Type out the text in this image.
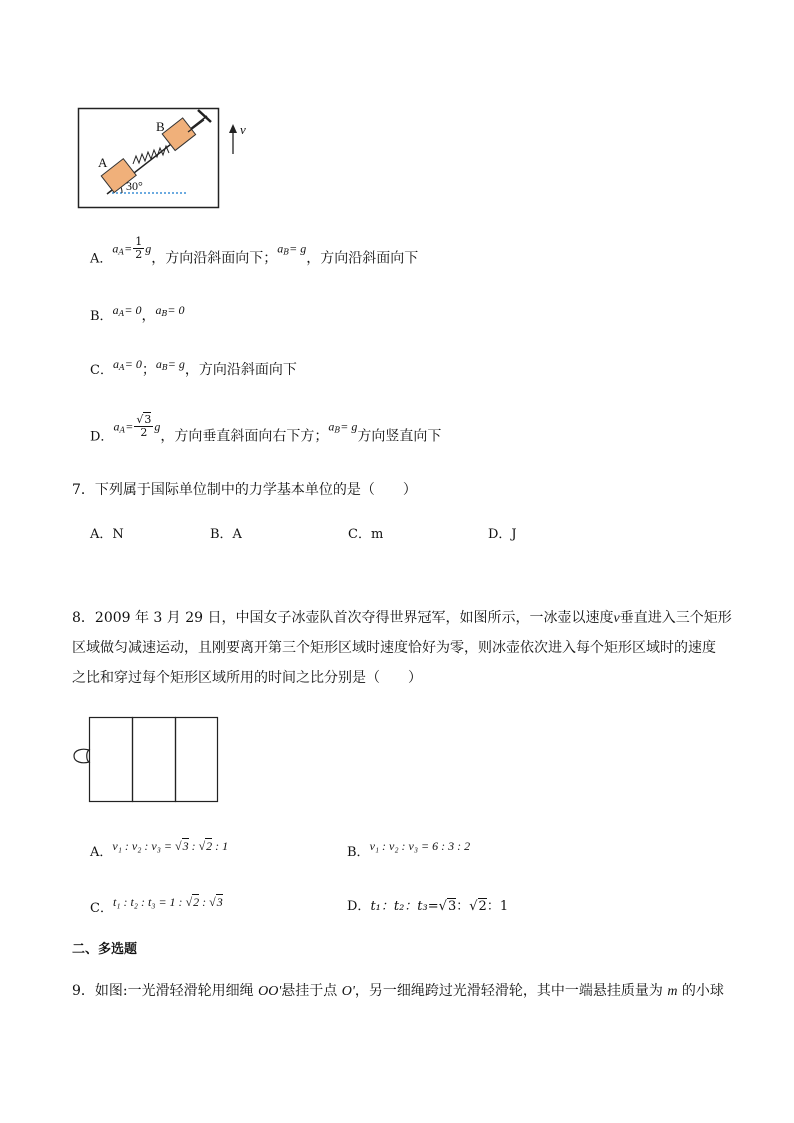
A
B
30°
v
A．$a_A= \frac{1}{2}$ g，方向沿斜面向下；$a_B= g$，方向沿斜面向下
B．$a_A= 0$，$a_B= 0$
C．$a_A= 0$；$a_B= g$，方向沿斜面向下
D．$a_A= \frac{√3}{2}$ g，方向垂直斜面向右下方；$a_B= g$方向竖直向下
7．下列属于国际单位制中的力学基本单位的是（　　）
A．N	B．A	C．m	D．J
8．2009 年 3 月 29 日，中国女子冰壶队首次夺得世界冠军，如图所示，一冰壶以速度v垂直进入三个矩形
区域做匀减速运动，且刚要离开第三个矩形区域时速度恰好为零，则冰壶依次进入每个矩形区域时的速度
之比和穿过每个矩形区域所用的时间之比分别是（　　）
A．v₁ : v₂ : v₃ = √3 : √2 : 1	B．v₁ : v₂ : v₃ = 6 : 3 : 2
C．t₁ : t₂ : t₃ = 1 : √2 : √3	D．t₁：t₂：t₃=√3：√2：1
二、多选题
9．如图:一光滑轻滑轮用细绳 OO'悬挂于点 O'，另一细绳跨过光滑轻滑轮，其中一端悬挂质量为 m 的小球
